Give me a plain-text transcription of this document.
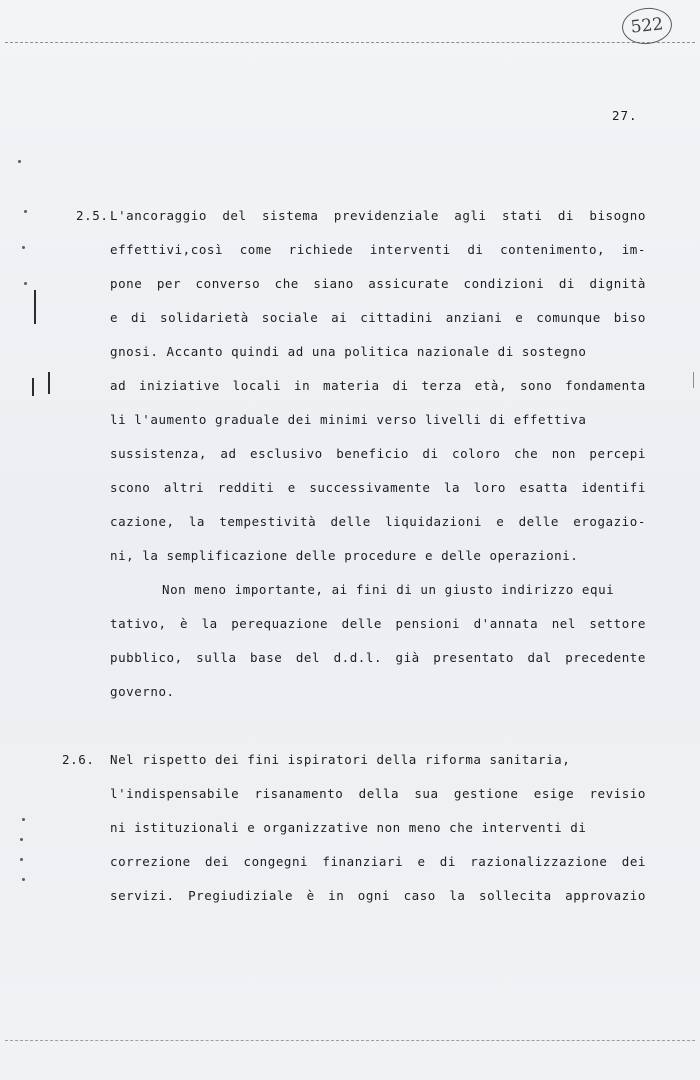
522
27.
2.5. L'ancoraggio del sistema previdenziale agli stati di bisogno
effettivi,così come richiede interventi di contenimento, im-
pone per converso che siano assicurate condizioni di dignità
e di solidarietà sociale ai cittadini anziani e comunque biso
gnosi. Accanto quindi ad una politica nazionale di sostegno
ad iniziative locali in materia di terza età, sono fondamenta
li l'aumento graduale dei minimi verso livelli di effettiva
sussistenza, ad esclusivo beneficio di coloro che non percepi
scono altri redditi e successivamente la loro esatta identifi
cazione, la tempestività delle liquidazioni e delle erogazio-
ni, la semplificazione delle procedure e delle operazioni.
Non meno importante, ai fini di un giusto indirizzo equi
tativo, è la perequazione delle pensioni d'annata nel settore
pubblico, sulla base del d.d.l. già presentato dal precedente
governo.
2.6. Nel rispetto dei fini ispiratori della riforma sanitaria,
l'indispensabile risanamento della sua gestione esige revisio
ni istituzionali e organizzative non meno che interventi di
correzione dei congegni finanziari e di razionalizzazione dei
servizi. Pregiudiziale è in ogni caso la sollecita approvazio
